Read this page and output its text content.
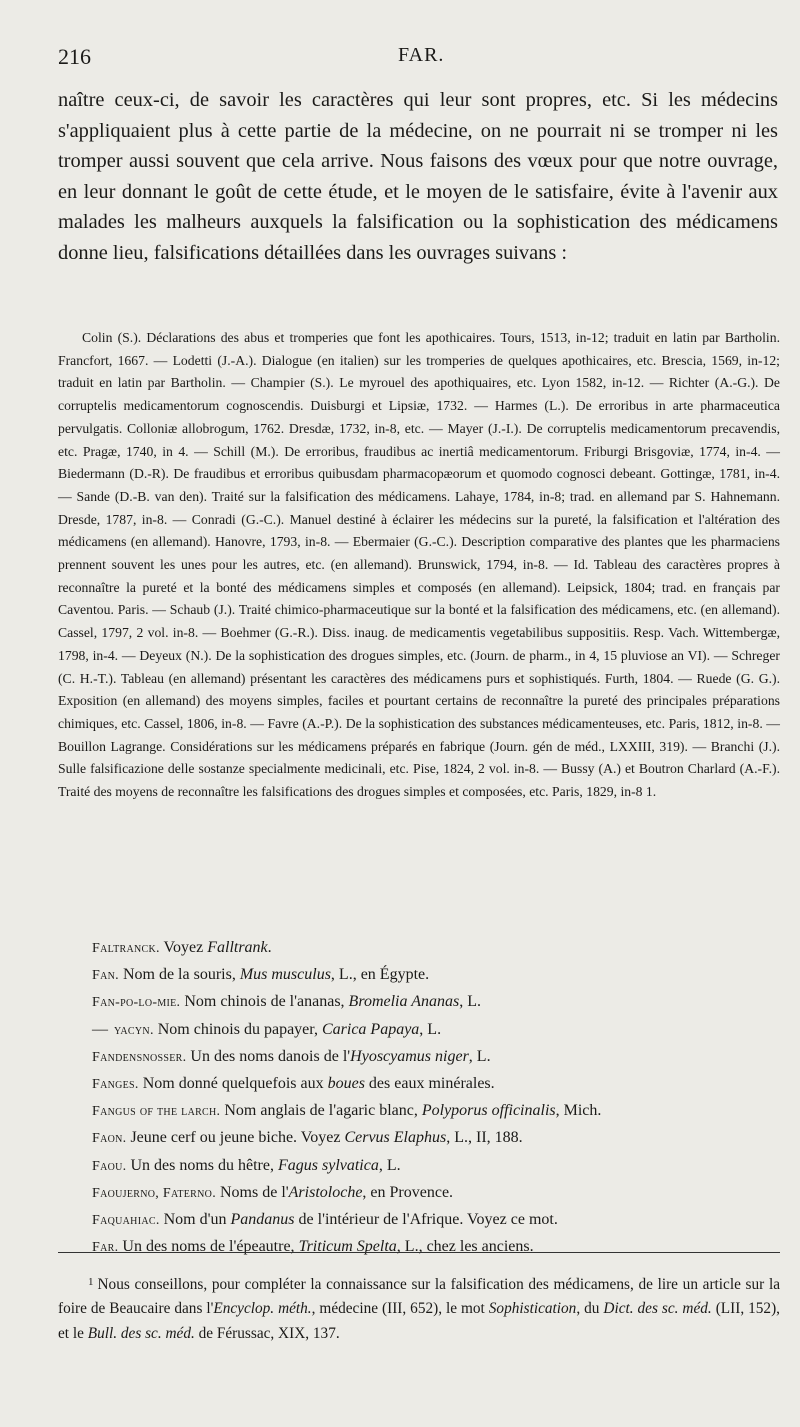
216	FAR.
naître ceux-ci, de savoir les caractères qui leur sont propres, etc. Si les médecins s'appliquaient plus à cette partie de la médecine, on ne pourrait ni se tromper ni les tromper aussi souvent que cela arrive. Nous faisons des vœux pour que notre ouvrage, en leur donnant le goût de cette étude, et le moyen de le satisfaire, évite à l'avenir aux malades les malheurs auxquels la falsification ou la sophistication des médicamens donne lieu, falsifications détaillées dans les ouvrages suivans :
Colin (S.). Déclarations des abus et tromperies que font les apothicaires. Tours, 1513, in-12; traduit en latin par Bartholin. Francfort, 1667. — Lodetti (J.-A.). Dialogue (en italien) sur les tromperies de quelques apothicaires, etc. Brescia, 1569, in-12; traduit en latin par Bartholin. — Champier (S.). Le myrouel des apothiquaires, etc. Lyon 1582, in-12. — Richter (A.-G.). De corruptelis medicamentorum cognoscendis. Duisburgi et Lipsiæ, 1732. — Harmes (L.). De erroribus in arte pharmaceutica pervulgatis. Colloniæ allobrogum, 1762. Dresdæ, 1732, in-8, etc. — Mayer (J.-I.). De corruptelis medicamentorum precavendis, etc. Pragæ, 1740, in 4. — Schill (M.). De erroribus, fraudibus ac inertiâ medicamentorum. Friburgi Brisgoviæ, 1774, in-4. — Biedermann (D.-R). De fraudibus et erroribus quibusdam pharmacopæorum et quomodo cognosci debeant. Gottingæ, 1781, in-4. — Sande (D.-B. van den). Traité sur la falsification des médicamens. Lahaye, 1784, in-8; trad. en allemand par S. Hahnemann. Dresde, 1787, in-8. — Conradi (G.-C.). Manuel destiné à éclairer les médecins sur la pureté, la falsification et l'altération des médicamens (en allemand). Hanovre, 1793, in-8. — Ebermaier (G.-C.). Description comparative des plantes que les pharmaciens prennent souvent les unes pour les autres, etc. (en allemand). Brunswick, 1794, in-8. — Id. Tableau des caractères propres à reconnaître la pureté et la bonté des médicamens simples et composés (en allemand). Leipsick, 1804; trad. en français par Caventou. Paris. — Schaub (J.). Traité chimico-pharmaceutique sur la bonté et la falsification des médicamens, etc. (en allemand). Cassel, 1797, 2 vol. in-8. — Boehmer (G.-R.). Diss. inaug. de medicamentis vegetabilibus suppositiis. Resp. Vach. Wittembergæ, 1798, in-4. — Deyeux (N.). De la sophistication des drogues simples, etc. (Journ. de pharm., in 4, 15 pluviose an VI). — Schreger (C. H.-T.). Tableau (en allemand) présentant les caractères des médicamens purs et sophistiqués. Furth, 1804. — Ruede (G. G.). Exposition (en allemand) des moyens simples, faciles et pourtant certains de reconnaître la pureté des principales préparations chimiques, etc. Cassel, 1806, in-8. — Favre (A.-P.). De la sophistication des substances médicamenteuses, etc. Paris, 1812, in-8. — Bouillon Lagrange. Considérations sur les médicamens préparés en fabrique (Journ. gén de méd., LXXIII, 319). — Branchi (J.). Sulle falsificazione delle sostanze specialmente medicinali, etc. Pise, 1824, 2 vol. in-8. — Bussy (A.) et Boutron Charlard (A.-F.). Traité des moyens de reconnaître les falsifications des drogues simples et composées, etc. Paris, 1829, in-8 1.
Faltranck. Voyez Falltrank.
Fan. Nom de la souris, Mus musculus, L., en Égypte.
Fan-po-lo-mie. Nom chinois de l'ananas, Bromelia Ananas, L.
— yacyn. Nom chinois du papayer, Carica Papaya, L.
Fandensnosser. Un des noms danois de l'Hyoscyamus niger, L.
Fanges. Nom donné quelquefois aux boues des eaux minérales.
Fangus of the larch. Nom anglais de l'agaric blanc, Polyporus officinalis, Mich.
Faon. Jeune cerf ou jeune biche. Voyez Cervus Elaphus, L., II, 188.
Faou. Un des noms du hêtre, Fagus sylvatica, L.
Faoujerno, Faterno. Noms de l'Aristoloche, en Provence.
Faquahiac. Nom d'un Pandanus de l'intérieur de l'Afrique. Voyez ce mot.
Far. Un des noms de l'épeautre, Triticum Spelta, L., chez les anciens.
$^1$ Nous conseillons, pour compléter la connaissance sur la falsification des médicamens, de lire un article sur la foire de Beaucaire dans l'Encyclop. méth., médecine (III, 652), le mot Sophistication, du Dict. des sc. méd. (LII, 152), et le Bull. des sc. méd. de Férussac, XIX, 137.
